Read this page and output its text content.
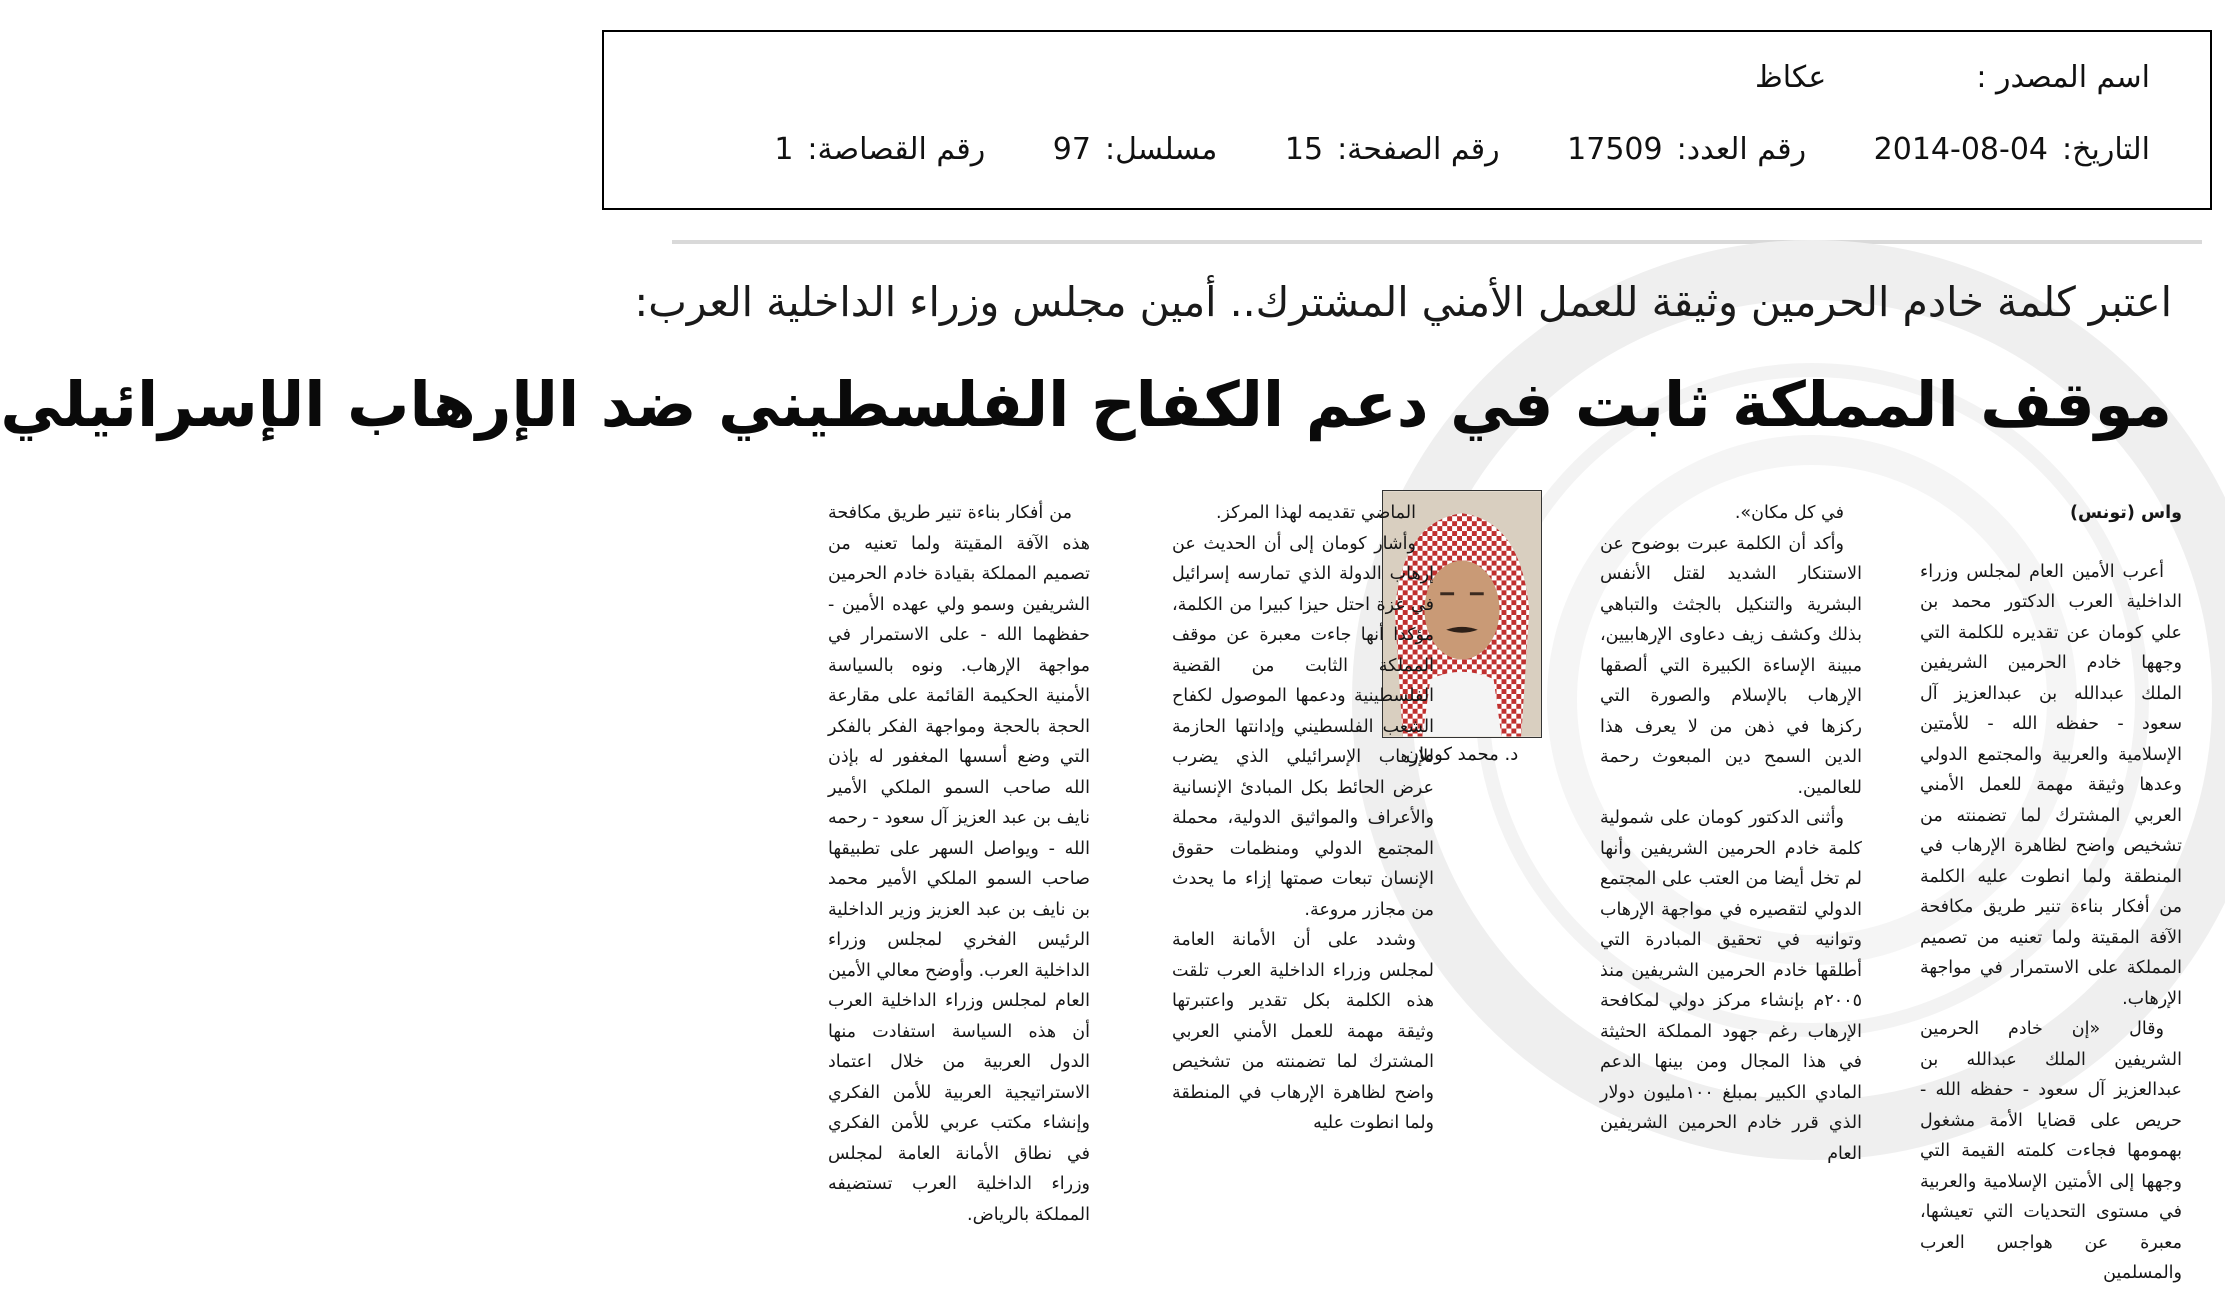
اسم المصدر :عكاظ
التاريخ:2014-08-04 رقم العدد:17509 رقم الصفحة:15 مسلسل:97 رقم القصاصة:1
اعتبر كلمة خادم الحرمين وثيقة للعمل الأمني المشترك.. أمين مجلس وزراء الداخلية العرب:
موقف المملكة ثابت في دعم الكفاح الفلسطيني ضد الإرهاب الإسرائيلي

واس (تونس)

أعرب الأمين العام لمجلس وزراء الداخلية العرب الدكتور محمد بن علي كومان عن تقديره للكلمة التي وجهها خادم الحرمين الشريفين الملك عبدالله بن عبدالعزيز آل سعود - حفظه الله - للأمتين الإسلامية والعربية والمجتمع الدولي وعدها وثيقة مهمة للعمل الأمني العربي المشترك لما تضمنته من تشخيص واضح لظاهرة الإرهاب في المنطقة ولما انطوت عليه الكلمة من أفكار بناءة تنير طريق مكافحة الآفة المقيتة ولما تعنيه من تصميم المملكة على الاستمرار في مواجهة الإرهاب.

وقال «إن خادم الحرمين الشريفين الملك عبدالله بن عبدالعزيز آل سعود - حفظه الله - حريص على قضايا الأمة مشغول بهمومها فجاءت كلمته القيمة التي وجهها إلى الأمتين الإسلامية والعربية في مستوى التحديات التي تعيشها، معبرة عن هواجس العرب والمسلمين

في كل مكان».

وأكد أن الكلمة عبرت بوضوح عن الاستنكار الشديد لقتل الأنفس البشرية والتنكيل بالجثث والتباهي بذلك وكشف زيف دعاوى الإرهابيين، مبينة الإساءة الكبيرة التي ألصقها الإرهاب بالإسلام والصورة التي ركزها في ذهن من لا يعرف هذا الدين السمح دين المبعوث رحمة للعالمين.

وأثنى الدكتور كومان على شمولية كلمة خادم الحرمين الشريفين وأنها لم تخل أيضا من العتب على المجتمع الدولي لتقصيره في مواجهة الإرهاب وتوانيه في تحقيق المبادرة التي أطلقها خادم الحرمين الشريفين منذ ٢٠٠٥م بإنشاء مركز دولي لمكافحة الإرهاب رغم جهود المملكة الحثيثة في هذا المجال ومن بينها الدعم المادي الكبير بمبلغ ١٠٠مليون دولار الذي قرر خادم الحرمين الشريفين العام

د. محمد كومان

الماضي تقديمه لهذا المركز.

وأشار كومان إلى أن الحديث عن إرهاب الدولة الذي تمارسه إسرائيل في غزة احتل حيزا كبيرا من الكلمة، مؤكدا أنها جاءت معبرة عن موقف المملكة الثابت من القضية الفلسطينية ودعمها الموصول لكفاح الشعب الفلسطيني وإدانتها الحازمة للإرهاب الإسرائيلي الذي يضرب عرض الحائط بكل المبادئ الإنسانية والأعراف والمواثيق الدولية، محملة المجتمع الدولي ومنظمات حقوق الإنسان تبعات صمتها إزاء ما يحدث من مجازر مروعة.

وشدد على أن الأمانة العامة لمجلس وزراء الداخلية العرب تلقت هذه الكلمة بكل تقدير واعتبرتها وثيقة مهمة للعمل الأمني العربي المشترك لما تضمنته من تشخيص واضح لظاهرة الإرهاب في المنطقة ولما انطوت عليه

من أفكار بناءة تنير طريق مكافحة هذه الآفة المقيتة ولما تعنيه من تصميم المملكة بقيادة خادم الحرمين الشريفين وسمو ولي عهده الأمين - حفظهما الله - على الاستمرار في مواجهة الإرهاب. ونوه بالسياسة الأمنية الحكيمة القائمة على مقارعة الحجة بالحجة ومواجهة الفكر بالفكر التي وضع أسسها المغفور له بإذن الله صاحب السمو الملكي الأمير نايف بن عبد العزيز آل سعود - رحمه الله - ويواصل السهر على تطبيقها صاحب السمو الملكي الأمير محمد بن نايف بن عبد العزيز وزير الداخلية الرئيس الفخري لمجلس وزراء الداخلية العرب. وأوضح معالي الأمين العام لمجلس وزراء الداخلية العرب أن هذه السياسة استفادت منها الدول العربية من خلال اعتماد الاستراتيجية العربية للأمن الفكري وإنشاء مكتب عربي للأمن الفكري في نطاق الأمانة العامة لمجلس وزراء الداخلية العرب تستضيفه المملكة بالرياض.
